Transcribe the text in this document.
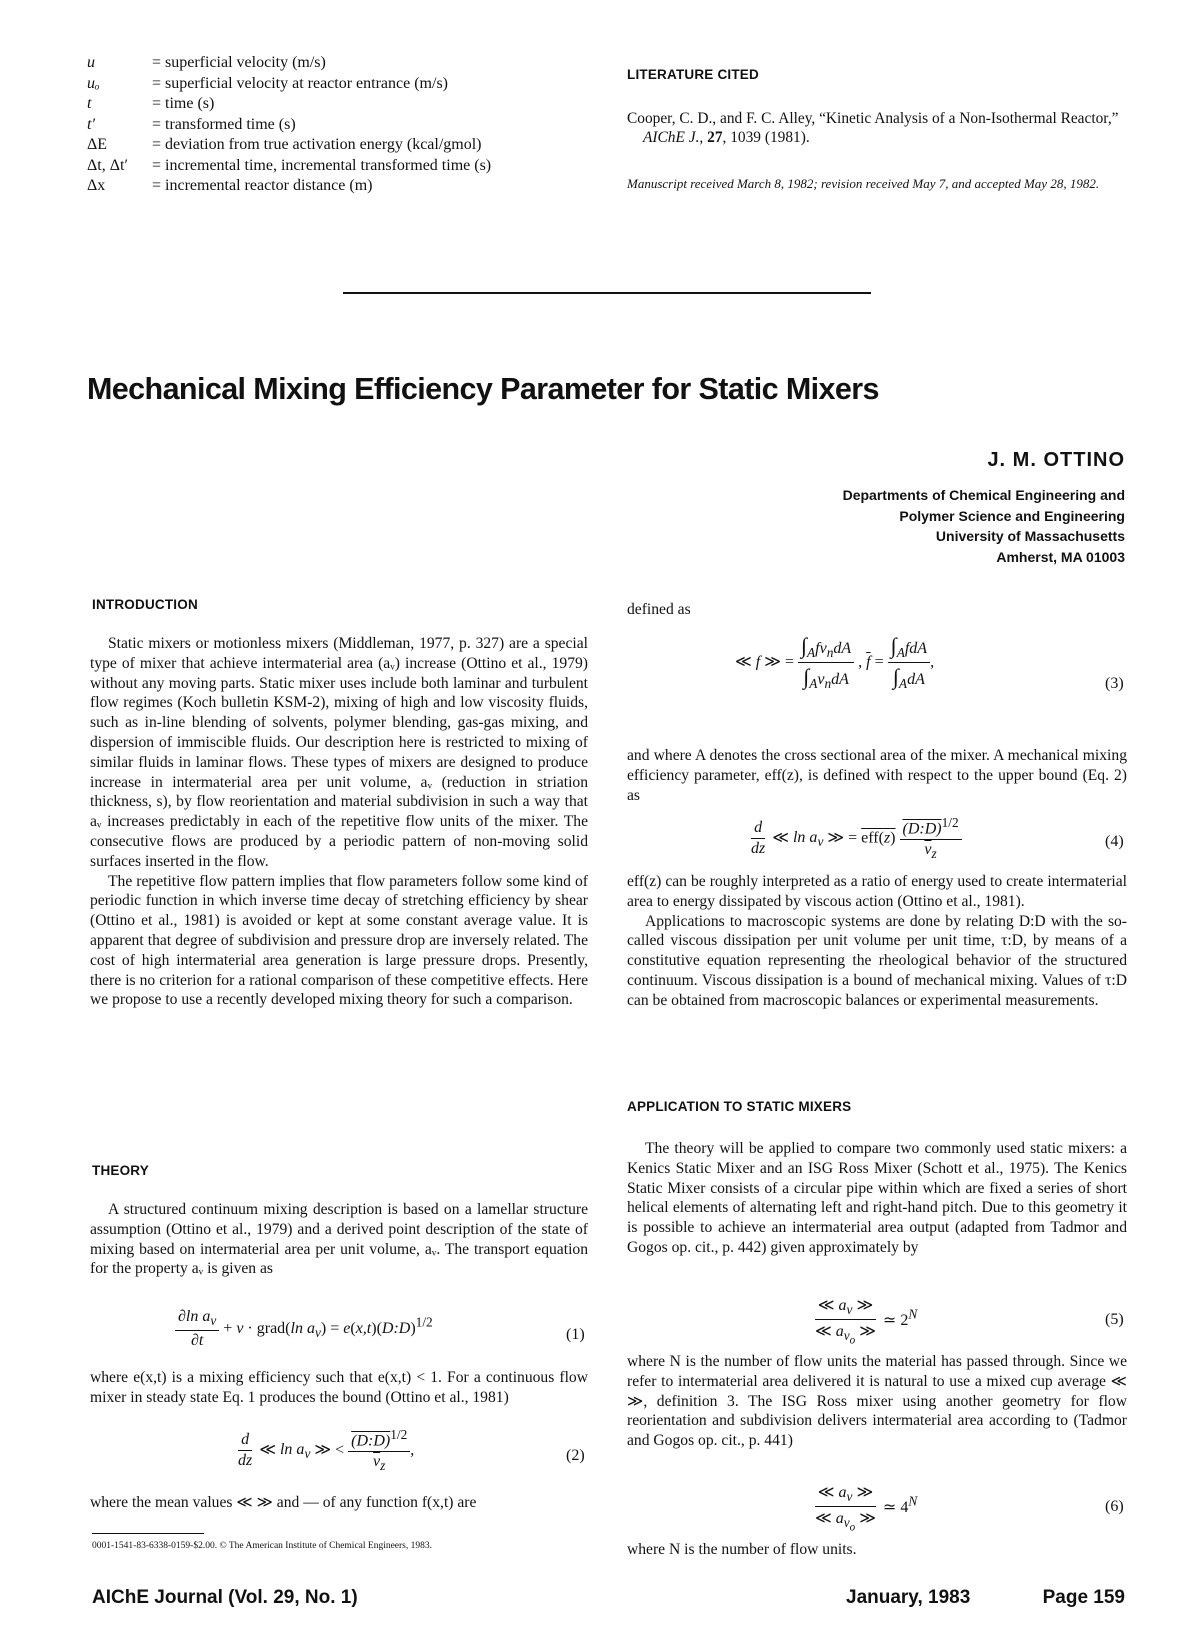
u	= superficial velocity (m/s)
uₒ	= superficial velocity at reactor entrance (m/s)
t	= time (s)
t′	= transformed time (s)
ΔE	= deviation from true activation energy (kcal/gmol)
Δt, Δt′	= incremental time, incremental transformed time (s)
Δx	= incremental reactor distance (m)
LITERATURE CITED
Cooper, C. D., and F. C. Alley, “Kinetic Analysis of a Non-Isothermal Reactor,” AIChE J., 27, 1039 (1981).
Manuscript received March 8, 1982; revision received May 7, and accepted May 28, 1982.
Mechanical Mixing Efficiency Parameter for Static Mixers
J. M. OTTINO
Departments of Chemical Engineering and
Polymer Science and Engineering
University of Massachusetts
Amherst, MA 01003
INTRODUCTION

Static mixers or motionless mixers (Middleman, 1977, p. 327) are a special type of mixer that achieve intermaterial area (aᵥ) increase (Ottino et al., 1979) without any moving parts. Static mixer uses include both laminar and turbulent flow regimes (Koch bulletin KSM-2), mixing of high and low viscosity fluids, such as in-line blending of solvents, polymer blending, gas-gas mixing, and dispersion of immiscible fluids. Our description here is restricted to mixing of similar fluids in laminar flows. These types of mixers are designed to produce increase in intermaterial area per unit volume, aᵥ (reduction in striation thickness, s), by flow reorientation and material subdivision in such a way that aᵥ increases predictably in each of the repetitive flow units of the mixer. The consecutive flows are produced by a periodic pattern of non-moving solid surfaces inserted in the flow.

The repetitive flow pattern implies that flow parameters follow some kind of periodic function in which inverse time decay of stretching efficiency by shear (Ottino et al., 1981) is avoided or kept at some constant average value. It is apparent that degree of subdivision and pressure drop are inversely related. The cost of high intermaterial area generation is large pressure drops. Presently, there is no criterion for a rational comparison of these competitive effects. Here we propose to use a recently developed mixing theory for such a comparison.

THEORY

A structured continuum mixing description is based on a lamellar structure assumption (Ottino et al., 1979) and a derived point description of the state of mixing based on intermaterial area per unit volume, aᵥ. The transport equation for the property aᵥ is given as

$\frac{\partial\ln a_v}{\partial t} + v$ · grad(ln $a_v$) = e(x,t)(D:D)$^{1/2}$
(1)

where e(x,t) is a mixing efficiency such that e(x,t) < 1. For a continuous flow mixer in steady state Eq. 1 produces the bound (Ottino et al., 1981)

$\frac{d}{dz}$ ≪ $\ln a_v$ ≫ < $\frac{(D:D)^{1/2}}{\overline{v}_z}$ ,	(2)

where the mean values ≪ ≫ and — of any function f(x,t) are

0001-1541-83-6338-0159-$2.00. © The American Institute of Chemical Engineers, 1983.

defined as

≪ f ≫ = $\frac{\int_Afv_ndA}{\int_Av_ndA}$ , $\overline{f} = \frac{\int_AfdA}{\int_AdA}$ ,
(3)

and where A denotes the cross sectional area of the mixer. A mechanical mixing efficiency parameter, eff(z), is defined with respect to the upper bound (Eq. 2) as

$\frac{d}{dz}$ ≪ $\ln a_v$ ≫ = $eff(z) \frac{(D:D)^{1/2}}{\overline{v}_z}$	(4)

eff(z) can be roughly interpreted as a ratio of energy used to create intermaterial area to energy dissipated by viscous action (Ottino et al., 1981).

Applications to macroscopic systems are done by relating D:D with the so-called viscous dissipation per unit volume per unit time, τ:D, by means of a constitutive equation representing the rheological behavior of the structured continuum. Viscous dissipation is a bound of mechanical mixing. Values of τ:D can be obtained from macroscopic balances or experimental measurements.

APPLICATION TO STATIC MIXERS

The theory will be applied to compare two commonly used static mixers: a Kenics Static Mixer and an ISG Ross Mixer (Schott et al., 1975). The Kenics Static Mixer consists of a circular pipe within which are fixed a series of short helical elements of alternating left and right-hand pitch. Due to this geometry it is possible to achieve an intermaterial area output (adapted from Tadmor and Gogos op. cit., p. 442) given approximately by

$\frac{≪ a_v ≫}{≪ a_{v_o} ≫}$ ≃ $2^N$	(5)

where N is the number of flow units the material has passed through. Since we refer to intermaterial area delivered it is natural to use a mixed cup average ≪ ≫, definition 3. The ISG Ross mixer using another geometry for flow reorientation and subdivision delivers intermaterial area according to (Tadmor and Gogos op. cit., p. 441)

$\frac{≪ a_v ≫}{≪ a_{v_o} ≫}$ ≃ $4^N$	(6)

where N is the number of flow units.

AIChE Journal (Vol. 29, No. 1)	January, 1983	Page 159
